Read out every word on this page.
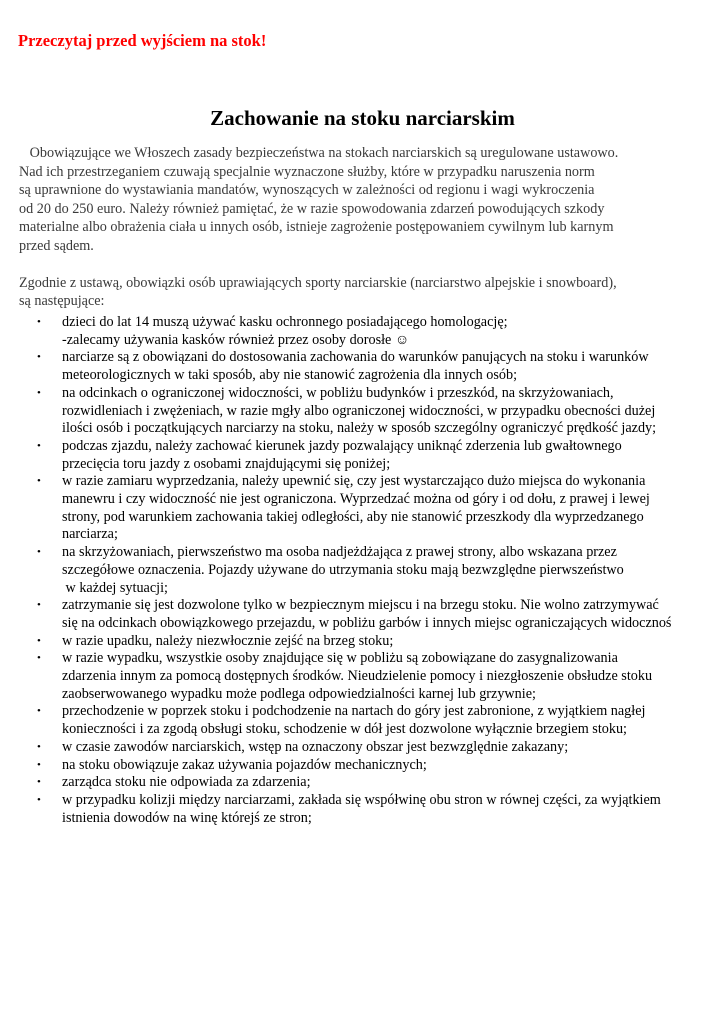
Przeczytaj przed wyjściem na stok!

Zachowanie na stoku narciarskim
Obowiązujące we Włoszech zasady bezpieczeństwa na stokach narciarskich są uregulowane ustawowo.
Nad ich przestrzeganiem czuwają specjalnie wyznaczone służby, które w przypadku naruszenia norm
są uprawnione do wystawiania mandatów, wynoszących w zależności od regionu i wagi wykroczenia
od 20 do 250 euro. Należy również pamiętać, że w razie spowodowania zdarzeń powodujących szkody
materialne albo obrażenia ciała u innych osób, istnieje zagrożenie postępowaniem cywilnym lub karnym
przed sądem.
Zgodnie z ustawą, obowiązki osób uprawiających sporty narciarskie (narciarstwo alpejskie i snowboard),
są następujące:
• dzieci do lat 14 muszą używać kasku ochronnego posiadającego homologację;
-zalecamy używania kasków również przez osoby dorosłe ☺
• narciarze są z obowiązani do dostosowania zachowania do warunków panujących na stoku i warunków
meteorologicznych w taki sposób, aby nie stanowić zagrożenia dla innych osób;
• na odcinkach o ograniczonej widoczności, w pobliżu budynków i przeszkód, na skrzyżowaniach,
rozwidleniach i zwężeniach, w razie mgły albo ograniczonej widoczności, w przypadku obecności dużej
ilości osób i początkujących narciarzy na stoku, należy w sposób szczególny ograniczyć prędkość jazdy;
• podczas zjazdu, należy zachować kierunek jazdy pozwalający uniknąć zderzenia lub gwałtownego
przecięcia toru jazdy z osobami znajdującymi się poniżej;
• w razie zamiaru wyprzedzania, należy upewnić się, czy jest wystarczająco dużo miejsca do wykonania
manewru i czy widoczność nie jest ograniczona. Wyprzedzać można od góry i od dołu, z prawej i lewej
strony, pod warunkiem zachowania takiej odległości, aby nie stanowić przeszkody dla wyprzedzanego
narciarza;
• na skrzyżowaniach, pierwszeństwo ma osoba nadjeżdżająca z prawej strony, albo wskazana przez
szczegółowe oznaczenia. Pojazdy używane do utrzymania stoku mają bezwzględne pierwszeństwo
w każdej sytuacji;
• zatrzymanie się jest dozwolone tylko w bezpiecznym miejscu i na brzegu stoku. Nie wolno zatrzymywać
się na odcinkach obowiązkowego przejazdu, w pobliżu garbów i innych miejsc ograniczających widocznoś
• w razie upadku, należy niezwłocznie zejść na brzeg stoku;
• w razie wypadku, wszystkie osoby znajdujące się w pobliżu są zobowiązane do zasygnalizowania
zdarzenia innym za pomocą dostępnych środków. Nieudzielenie pomocy i niezgłoszenie obsłudze stoku
zaobserwowanego wypadku może podlega odpowiedzialności karnej lub grzywnie;
• przechodzenie w poprzek stoku i podchodzenie na nartach do góry jest zabronione, z wyjątkiem nagłej
konieczności i za zgodą obsługi stoku, schodzenie w dół jest dozwolone wyłącznie brzegiem stoku;
• w czasie zawodów narciarskich, wstęp na oznaczony obszar jest bezwzględnie zakazany;
• na stoku obowiązuje zakaz używania pojazdów mechanicznych;
• zarządca stoku nie odpowiada za zdarzenia;
• w przypadku kolizji między narciarzami, zakłada się współwinę obu stron w równej części, za wyjątkiem
istnienia dowodów na winę którejś ze stron;
